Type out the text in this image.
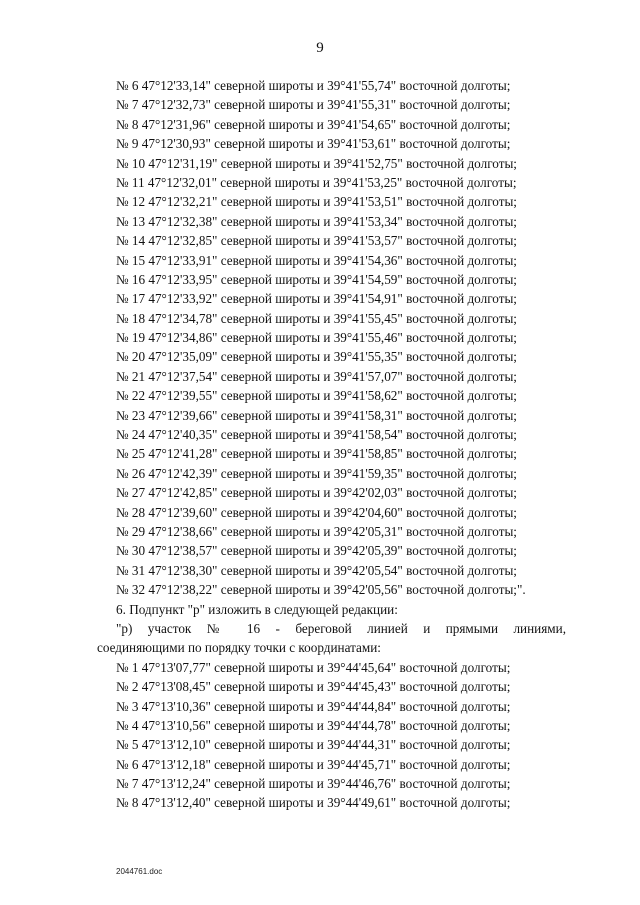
9
№ 6 47°12'33,14" северной широты и 39°41'55,74" восточной долготы;
№ 7 47°12'32,73" северной широты и 39°41'55,31" восточной долготы;
№ 8 47°12'31,96" северной широты и 39°41'54,65" восточной долготы;
№ 9 47°12'30,93" северной широты и 39°41'53,61" восточной долготы;
№ 10 47°12'31,19" северной широты и 39°41'52,75" восточной долготы;
№ 11 47°12'32,01" северной широты и 39°41'53,25" восточной долготы;
№ 12 47°12'32,21" северной широты и 39°41'53,51" восточной долготы;
№ 13 47°12'32,38" северной широты и 39°41'53,34" восточной долготы;
№ 14 47°12'32,85" северной широты и 39°41'53,57" восточной долготы;
№ 15 47°12'33,91" северной широты и 39°41'54,36" восточной долготы;
№ 16 47°12'33,95" северной широты и 39°41'54,59" восточной долготы;
№ 17 47°12'33,92" северной широты и 39°41'54,91" восточной долготы;
№ 18 47°12'34,78" северной широты и 39°41'55,45" восточной долготы;
№ 19 47°12'34,86" северной широты и 39°41'55,46" восточной долготы;
№ 20 47°12'35,09" северной широты и 39°41'55,35" восточной долготы;
№ 21 47°12'37,54" северной широты и 39°41'57,07" восточной долготы;
№ 22 47°12'39,55" северной широты и 39°41'58,62" восточной долготы;
№ 23 47°12'39,66" северной широты и 39°41'58,31" восточной долготы;
№ 24 47°12'40,35" северной широты и 39°41'58,54" восточной долготы;
№ 25 47°12'41,28" северной широты и 39°41'58,85" восточной долготы;
№ 26 47°12'42,39" северной широты и 39°41'59,35" восточной долготы;
№ 27 47°12'42,85" северной широты и 39°42'02,03" восточной долготы;
№ 28 47°12'39,60" северной широты и 39°42'04,60" восточной долготы;
№ 29 47°12'38,66" северной широты и 39°42'05,31" восточной долготы;
№ 30 47°12'38,57" северной широты и 39°42'05,39" восточной долготы;
№ 31 47°12'38,30" северной широты и 39°42'05,54" восточной долготы;
№ 32 47°12'38,22" северной широты и 39°42'05,56" восточной долготы;".
6. Подпункт "р" изложить в следующей редакции:
"р) участок № 16 - береговой линией и прямыми линиями,
соединяющими по порядку точки с координатами:
№ 1 47°13'07,77" северной широты и 39°44'45,64" восточной долготы;
№ 2 47°13'08,45" северной широты и 39°44'45,43" восточной долготы;
№ 3 47°13'10,36" северной широты и 39°44'44,84" восточной долготы;
№ 4 47°13'10,56" северной широты и 39°44'44,78" восточной долготы;
№ 5 47°13'12,10" северной широты и 39°44'44,31" восточной долготы;
№ 6 47°13'12,18" северной широты и 39°44'45,71" восточной долготы;
№ 7 47°13'12,24" северной широты и 39°44'46,76" восточной долготы;
№ 8 47°13'12,40" северной широты и 39°44'49,61" восточной долготы;
2044761.doc
